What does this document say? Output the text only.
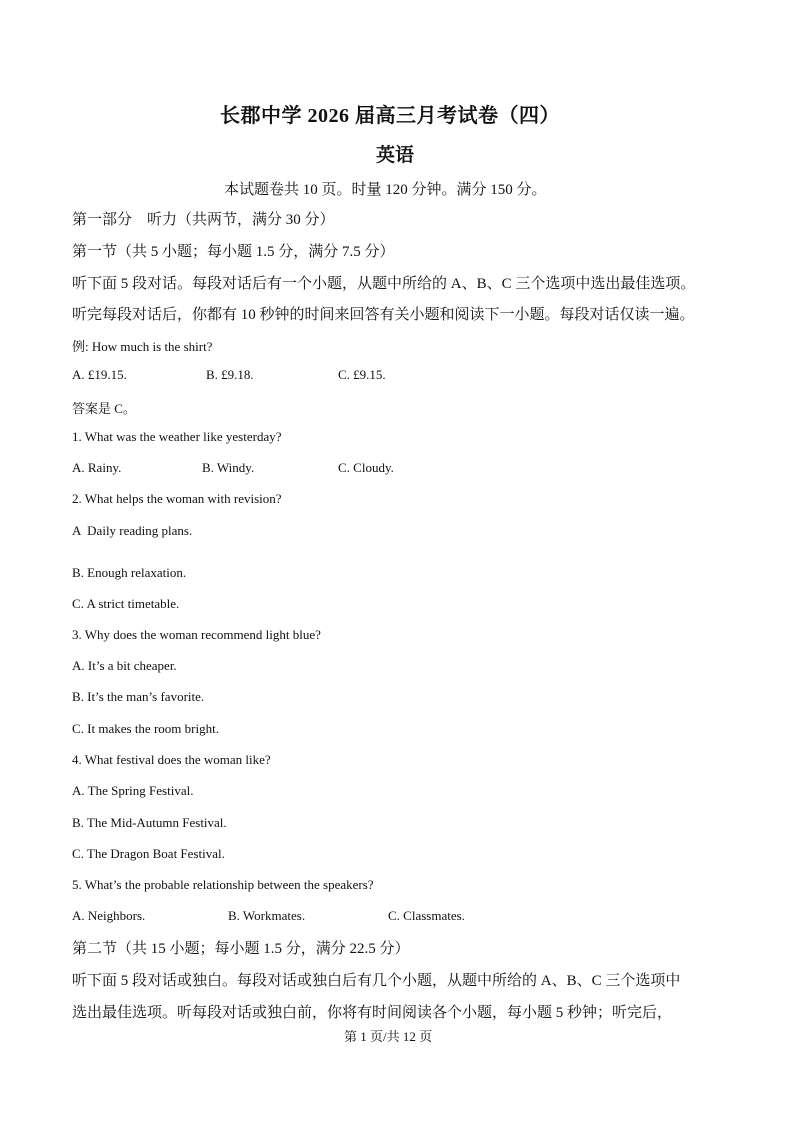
长郡中学 2026 届高三月考试卷（四）
英语
本试题卷共 10 页。时量 120 分钟。满分 150 分。
第一部分　听力（共两节，满分 30 分）
第一节（共 5 小题；每小题 1.5 分，满分 7.5 分）
听下面 5 段对话。每段对话后有一个小题，从题中所给的 A、B、C 三个选项中选出最佳选项。
听完每段对话后，你都有 10 秒钟的时间来回答有关小题和阅读下一小题。每段对话仅读一遍。
例: How much is the shirt?
A. £19.15.	B. £9.18.	C. £9.15.
答案是 C。
1. What was the weather like yesterday?
A. Rainy.	B. Windy.	C. Cloudy.
2. What helps the woman with revision?
A  Daily reading plans.
B. Enough relaxation.
C. A strict timetable.
3. Why does the woman recommend light blue?
A. It’s a bit cheaper.
B. It’s the man’s favorite.
C. It makes the room bright.
4. What festival does the woman like?
A. The Spring Festival.
B. The Mid-Autumn Festival.
C. The Dragon Boat Festival.
5. What’s the probable relationship between the speakers?
A. Neighbors.	B. Workmates.	C. Classmates.
第二节（共 15 小题；每小题 1.5 分，满分 22.5 分）
听下面 5 段对话或独白。每段对话或独白后有几个小题，从题中所给的 A、B、C 三个选项中
选出最佳选项。听每段对话或独白前，你将有时间阅读各个小题，每小题 5 秒钟；听完后，
第 1 页/共 12 页
